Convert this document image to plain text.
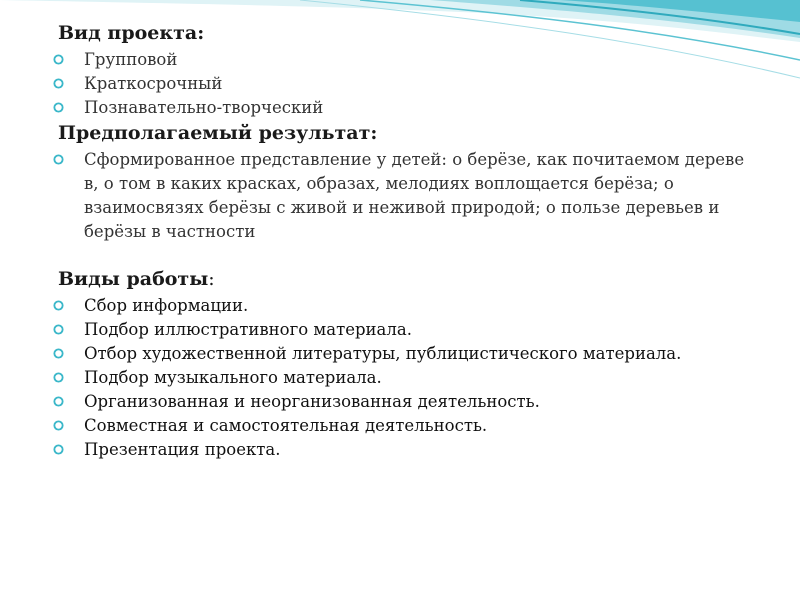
Вид проекта:
Групповой
Краткосрочный
Познавательно-творческий
Предполагаемый результат:
Сформированное представление у детей: о берёзе, как почитаемом дереве в, о том в каких красках, образах, мелодиях воплощается берёза; о взаимосвязях берёзы с живой и неживой природой; о пользе деревьев и берёзы в частности
Виды работы:
Сбор информации.
Подбор иллюстративного материала.
Отбор художественной литературы, публицистического материала.
Подбор музыкального материала.
Организованная и неорганизованная деятельность.
Совместная и самостоятельная деятельность.
Презентация проекта.
